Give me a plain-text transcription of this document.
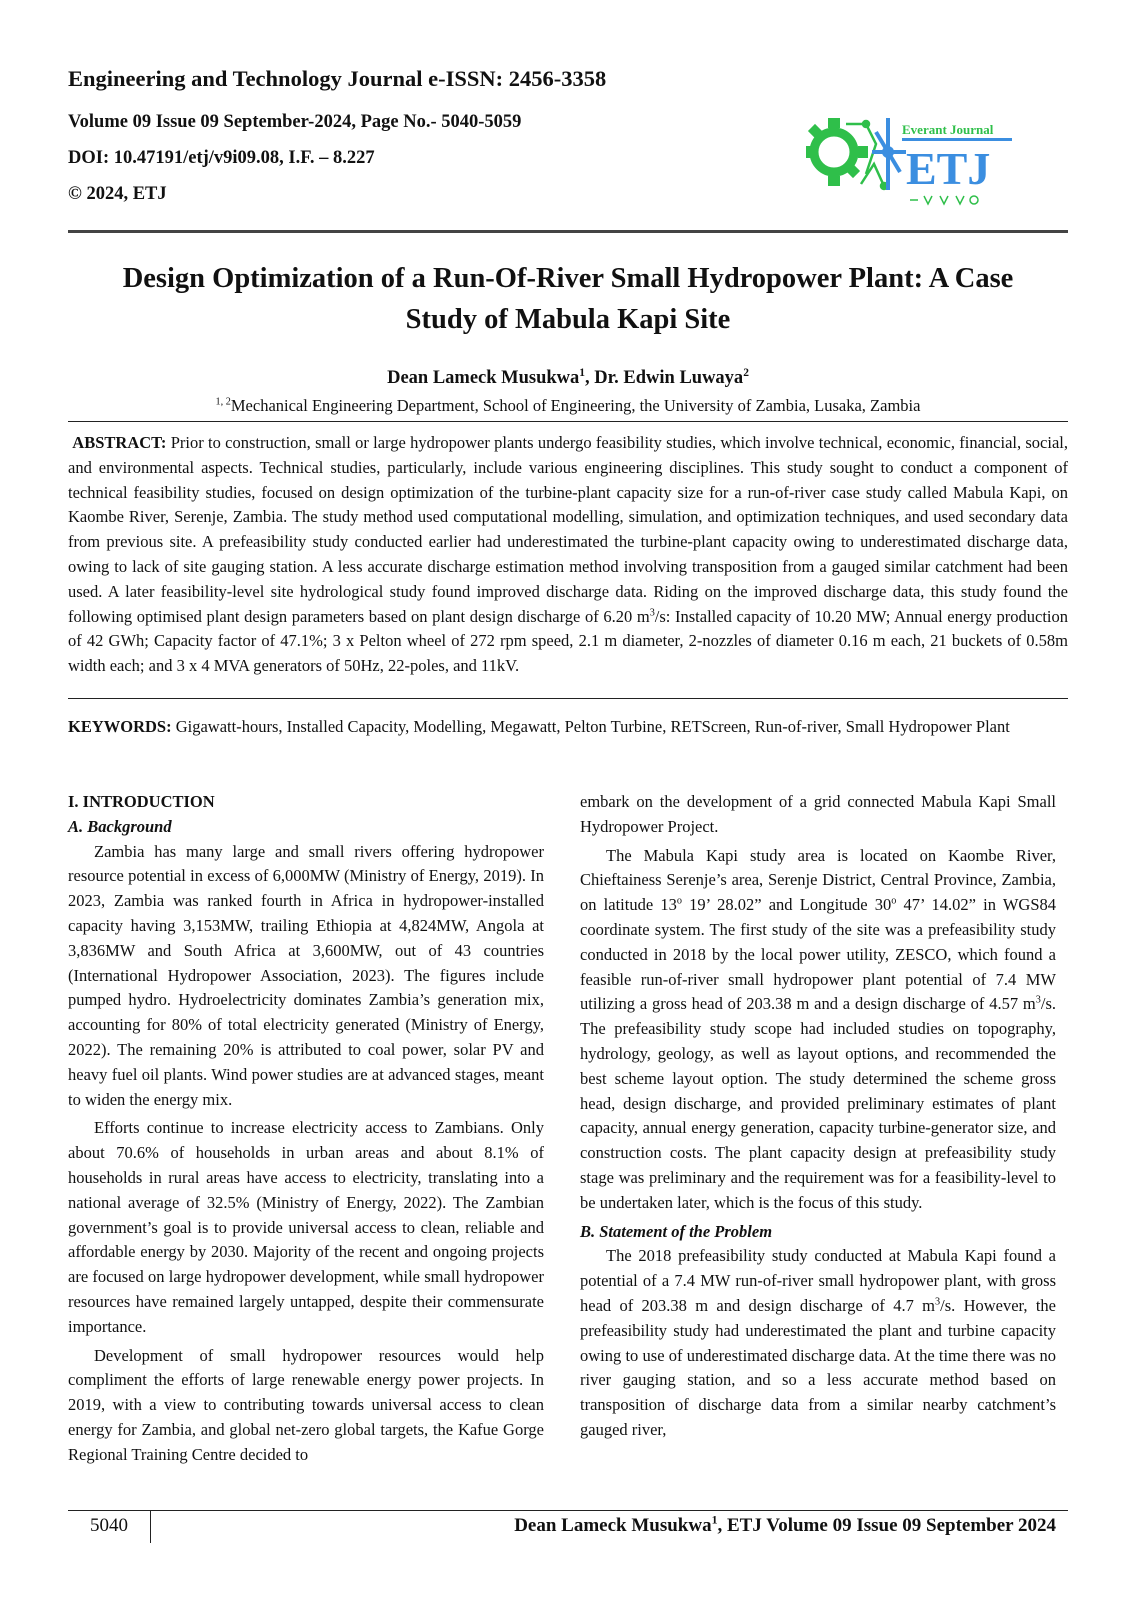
Engineering and Technology Journal e-ISSN: 2456-3358

Volume 09 Issue 09 September-2024, Page No.- 5040-5059

DOI: 10.47191/etj/v9i09.08, I.F. – 8.227

© 2024, ETJ

Everant Journal
ETJ
Design Optimization of a Run-Of-River Small Hydropower Plant: A Case
Study of Mabula Kapi Site

Dean Lameck Musukwa$^1$, Dr. Edwin Luwaya$^2$

$^{1, 2}$Mechanical Engineering Department, School of Engineering, the University of Zambia, Lusaka, Zambia

ABSTRACT: Prior to construction, small or large hydropower plants undergo feasibility studies, which involve technical, economic, financial, social, and environmental aspects. Technical studies, particularly, include various engineering disciplines. This study sought to conduct a component of technical feasibility studies, focused on design optimization of the turbine-plant capacity size for a run-of-river case study called Mabula Kapi, on Kaombe River, Serenje, Zambia. The study method used computational modelling, simulation, and optimization techniques, and used secondary data from previous site. A prefeasibility study conducted earlier had underestimated the turbine-plant capacity owing to underestimated discharge data, owing to lack of site gauging station. A less accurate discharge estimation method involving transposition from a gauged similar catchment had been used. A later feasibility-level site hydrological study found improved discharge data. Riding on the improved discharge data, this study found the following optimised plant design parameters based on plant design discharge of 6.20 $m^3/s$: Installed capacity of 10.20 MW; Annual energy production of 42 GWh; Capacity factor of 47.1%; 3 x Pelton wheel of 272 rpm speed, 2.1 m diameter, 2-nozzles of diameter 0.16 m each, 21 buckets of 0.58m width each; and 3 x 4 MVA generators of 50Hz, 22-poles, and 11kV.

KEYWORDS: Gigawatt-hours, Installed Capacity, Modelling, Megawatt, Pelton Turbine, RETScreen, Run-of-river, Small Hydropower Plant

I. INTRODUCTION

A. Background

Zambia has many large and small rivers offering hydropower resource potential in excess of 6,000MW (Ministry of Energy, 2019). In 2023, Zambia was ranked fourth in Africa in hydropower-installed capacity having 3,153MW, trailing Ethiopia at 4,824MW, Angola at 3,836MW and South Africa at 3,600MW, out of 43 countries (International Hydropower Association, 2023). The figures include pumped hydro. Hydroelectricity dominates Zambia’s generation mix, accounting for 80% of total electricity generated (Ministry of Energy, 2022). The remaining 20% is attributed to coal power, solar PV and heavy fuel oil plants. Wind power studies are at advanced stages, meant to widen the energy mix.

Efforts continue to increase electricity access to Zambians. Only about 70.6% of households in urban areas and about 8.1% of households in rural areas have access to electricity, translating into a national average of 32.5% (Ministry of Energy, 2022). The Zambian government’s goal is to provide universal access to clean, reliable and affordable energy by 2030. Majority of the recent and ongoing projects are focused on large hydropower development, while small hydropower resources have remained largely untapped, despite their commensurate importance.

Development of small hydropower resources would help compliment the efforts of large renewable energy power projects. In 2019, with a view to contributing towards universal access to clean energy for Zambia, and global net-zero global targets, the Kafue Gorge Regional Training Centre decided to

embark on the development of a grid connected Mabula Kapi Small Hydropower Project.

The Mabula Kapi study area is located on Kaombe River, Chieftainess Serenje’s area, Serenje District, Central Province, Zambia, on latitude 13$^o$ 19’ 28.02” and Longitude 30$^o$ 47’ 14.02” in WGS84 coordinate system. The first study of the site was a prefeasibility study conducted in 2018 by the local power utility, ZESCO, which found a feasible run-of-river small hydropower plant potential of 7.4 MW utilizing a gross head of 203.38 m and a design discharge of 4.57 $m^3/s$. The prefeasibility study scope had included studies on topography, hydrology, geology, as well as layout options, and recommended the best scheme layout option. The study determined the scheme gross head, design discharge, and provided preliminary estimates of plant capacity, annual energy generation, capacity turbine-generator size, and construction costs. The plant capacity design at prefeasibility study stage was preliminary and the requirement was for a feasibility-level to be undertaken later, which is the focus of this study.

B. Statement of the Problem

The 2018 prefeasibility study conducted at Mabula Kapi found a potential of a 7.4 MW run-of-river small hydropower plant, with gross head of 203.38 m and design discharge of 4.7 $m^3/s$. However, the prefeasibility study had underestimated the plant and turbine capacity owing to use of underestimated discharge data. At the time there was no river gauging station, and so a less accurate method based on transposition of discharge data from a similar nearby catchment’s gauged river,

5040	Dean Lameck Musukwa$^1$, ETJ Volume 09 Issue 09 September 2024
